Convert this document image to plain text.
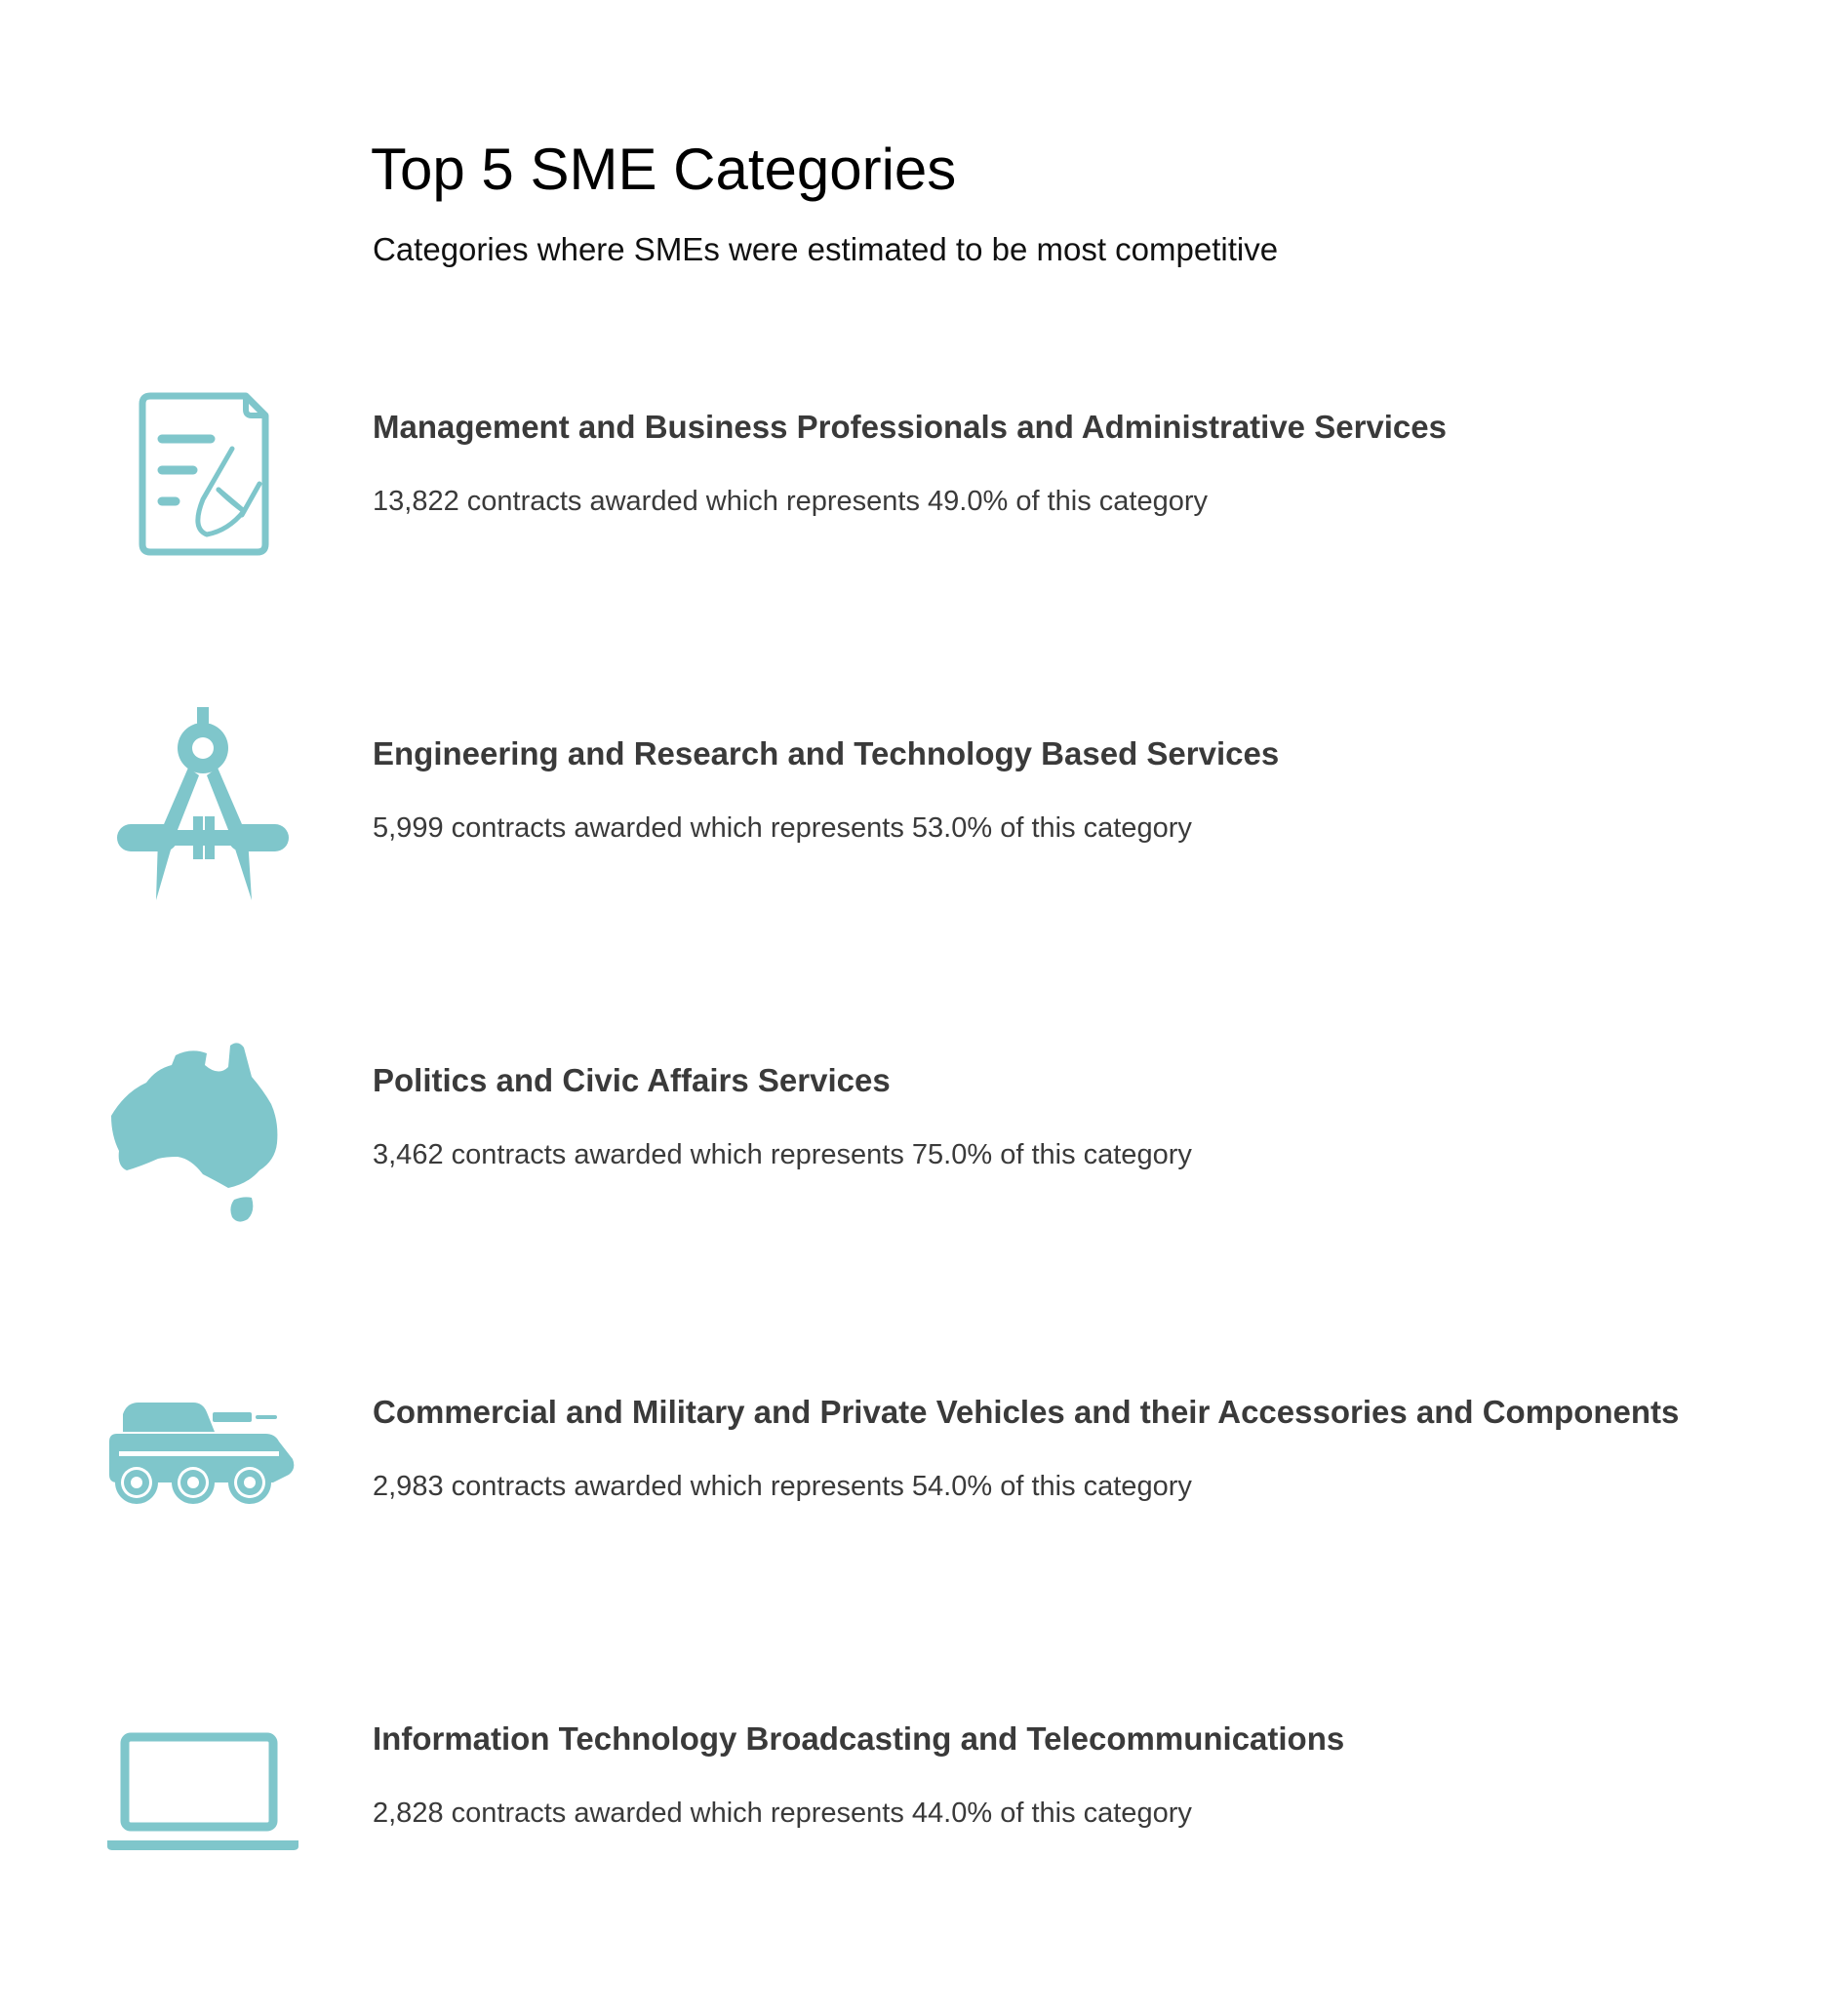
Top 5 SME Categories

Categories where SMEs were estimated to be most competitive

Management and Business Professionals and Administrative Services

13,822 contracts awarded which represents 49.0% of this category

Engineering and Research and Technology Based Services

5,999 contracts awarded which represents 53.0% of this category

Politics and Civic Affairs Services

3,462 contracts awarded which represents 75.0% of this category

Commercial and Military and Private Vehicles and their Accessories and Components

2,983 contracts awarded which represents 54.0% of this category

Information Technology Broadcasting and Telecommunications

2,828 contracts awarded which represents 44.0% of this category
